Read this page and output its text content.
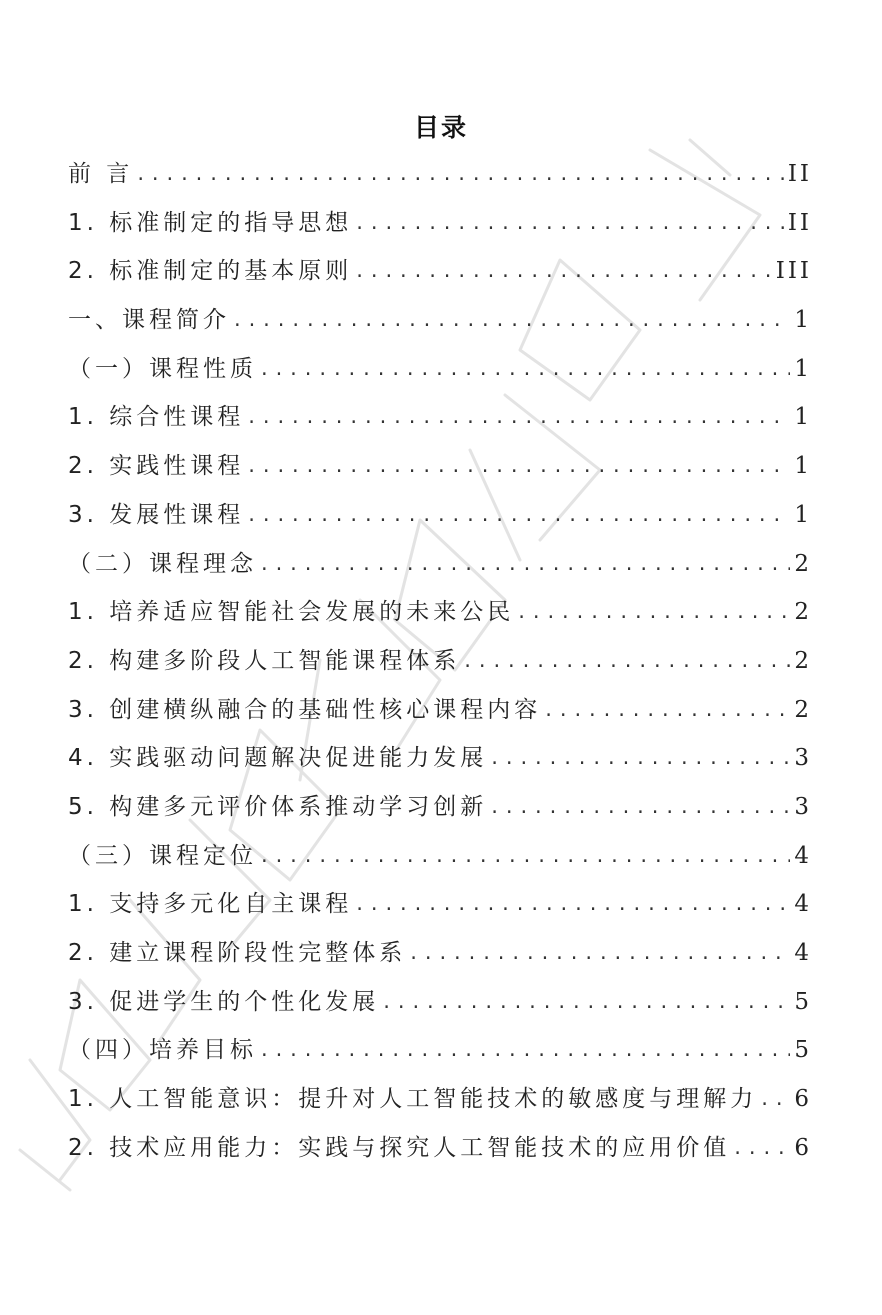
目录
前 言 . . .	II
1. 标准制定的指导思想 . . .	II
2. 标准制定的基本原则 . . .	III
一、课程简介 . . .	1
（一）课程性质 . . .	1
1. 综合性课程 . . .	1
2. 实践性课程 . . .	1
3. 发展性课程 . . .	1
（二）课程理念 . . .	2
1. 培养适应智能社会发展的未来公民 . . .	2
2. 构建多阶段人工智能课程体系 . . .	2
3. 创建横纵融合的基础性核心课程内容 . . .	2
4. 实践驱动问题解决促进能力发展 . . .	3
5. 构建多元评价体系推动学习创新 . . .	3
（三）课程定位 . . .	4
1. 支持多元化自主课程 . . .	4
2. 建立课程阶段性完整体系 . . .	4
3. 促进学生的个性化发展 . . .	5
（四）培养目标 . . .	5
1. 人工智能意识：提升对人工智能技术的敏感度与理解力 . . . 6
2. 技术应用能力：实践与探究人工智能技术的应用价值 . . .	6
